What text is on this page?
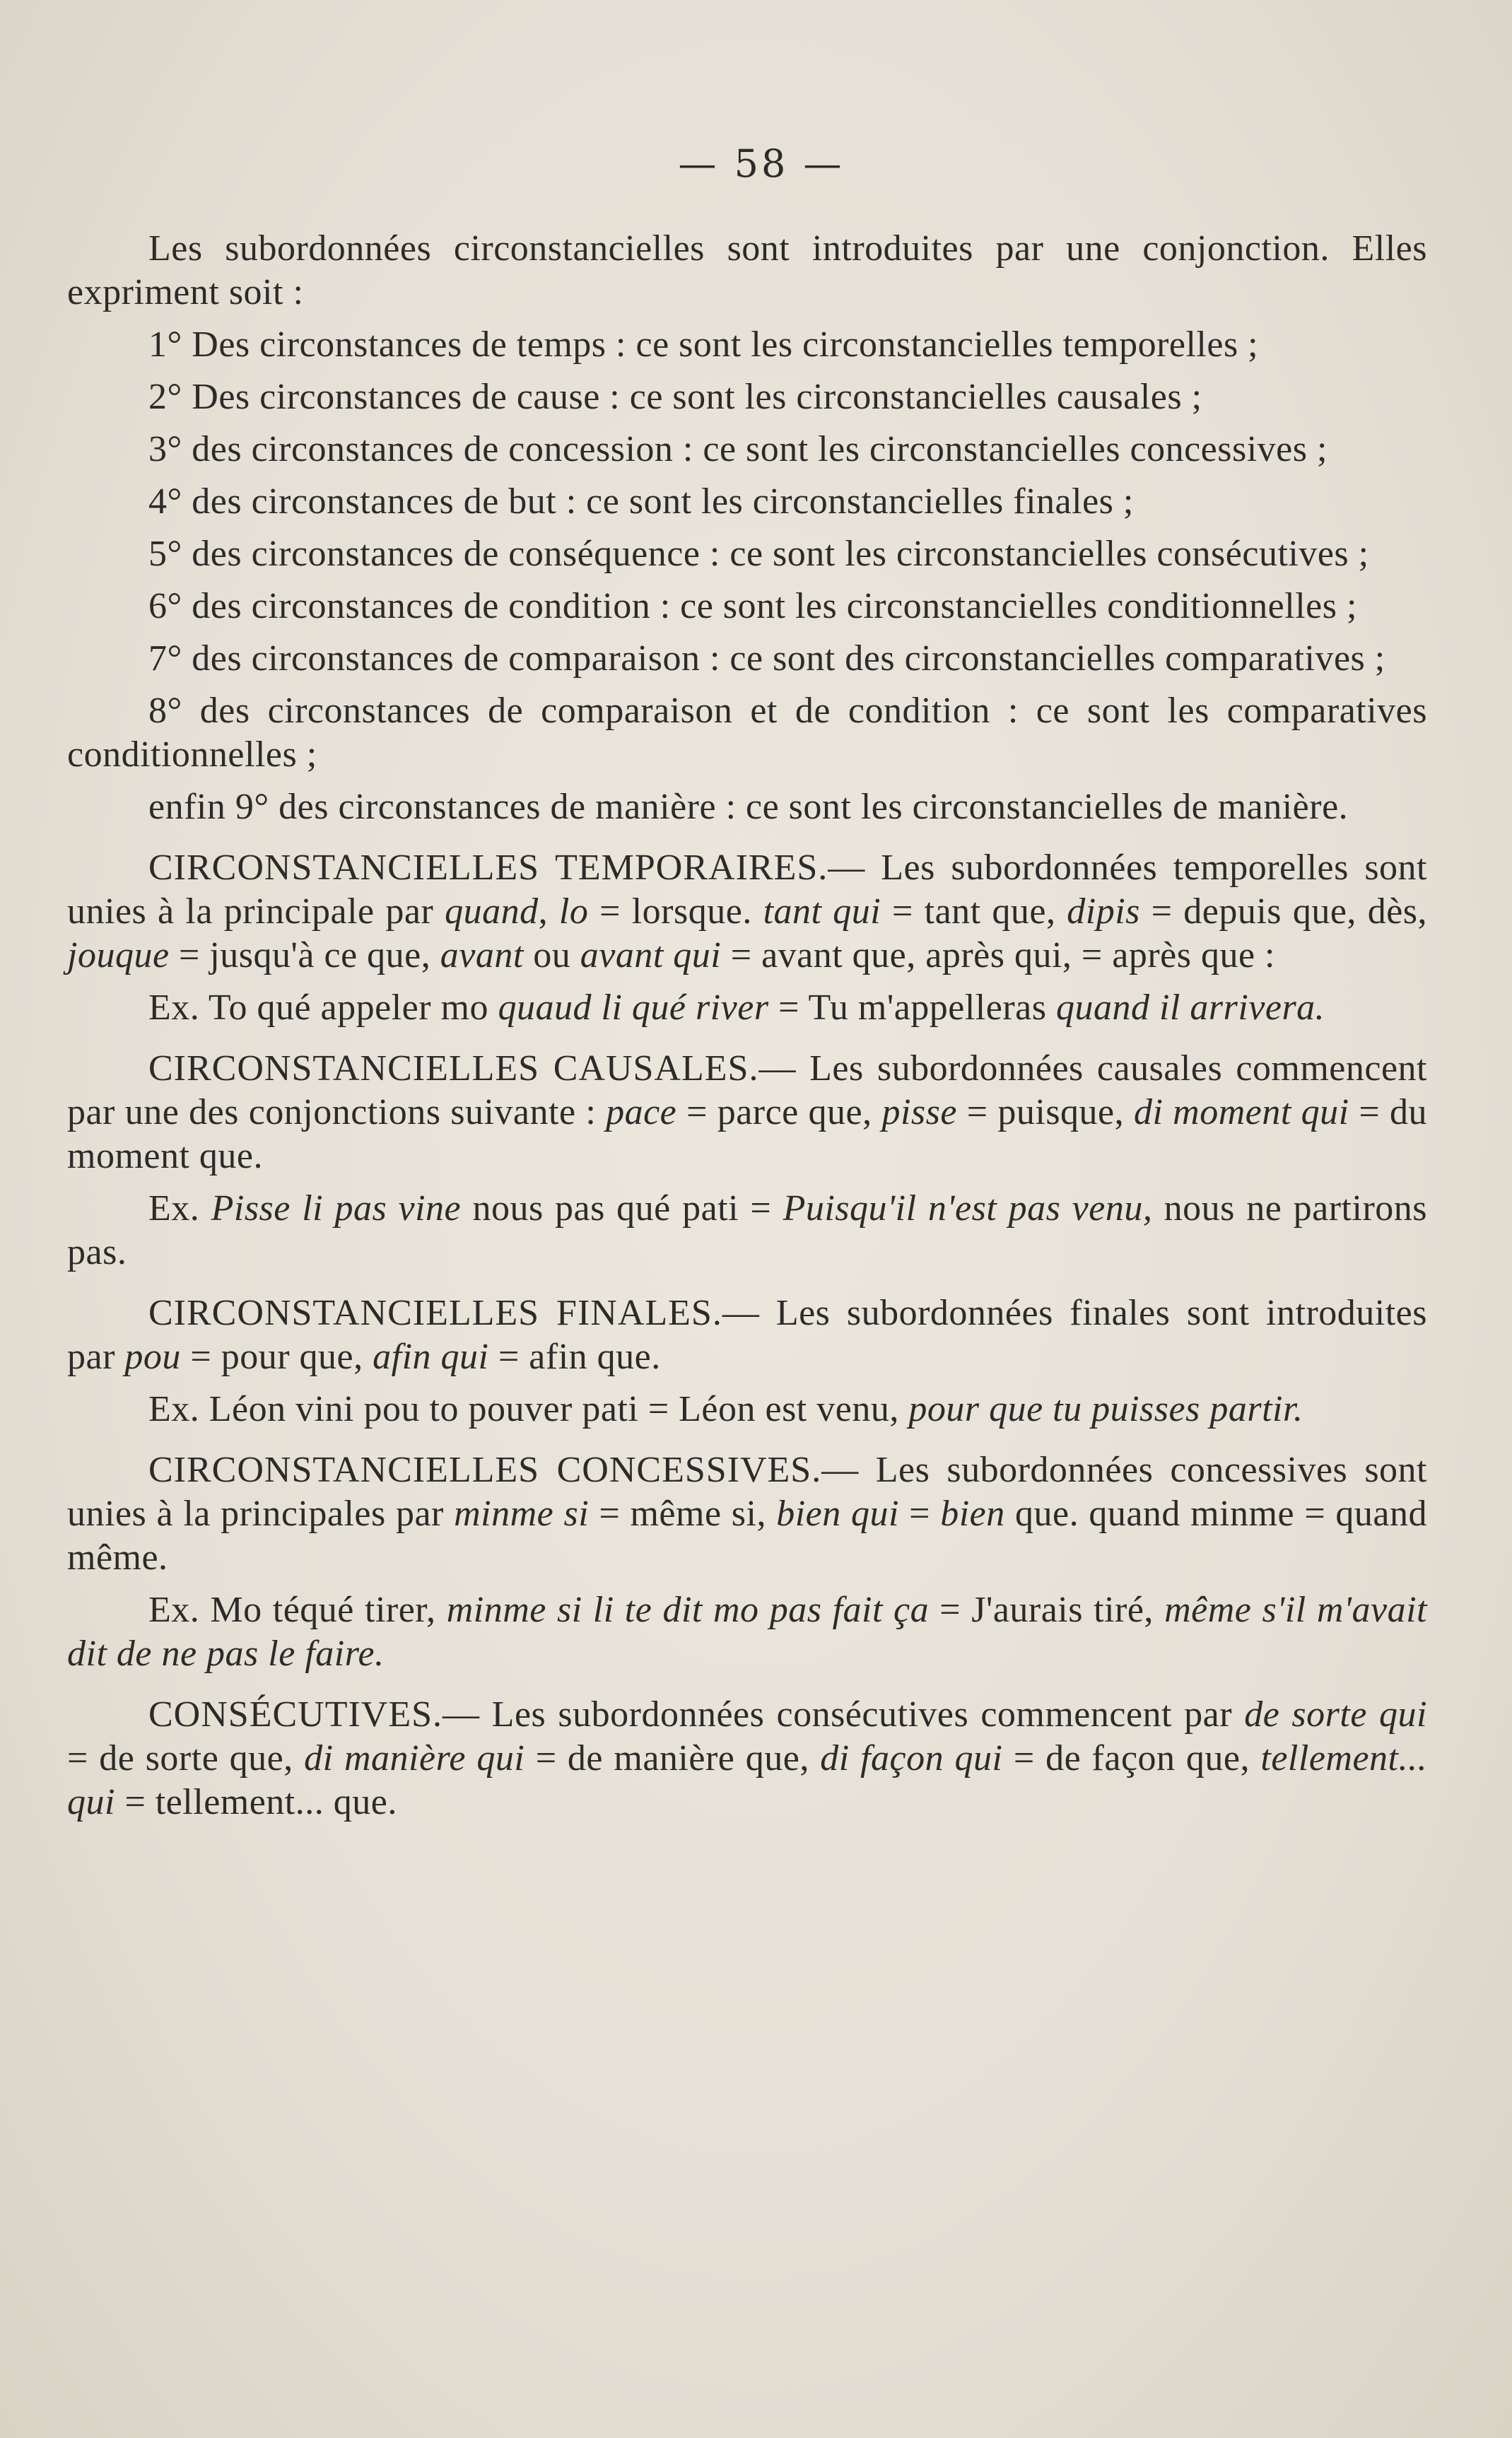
— 58 —

Les subordonnées circonstancielles sont introduites par une conjonction. Elles expriment soit :

1° Des circonstances de temps : ce sont les circonstancielles temporelles ;

2° Des circonstances de cause : ce sont les circonstancielles causales ;

3° des circonstances de concession : ce sont les circonstancielles concessives ;

4° des circonstances de but : ce sont les circonstancielles finales ;

5° des circonstances de conséquence : ce sont les circonstancielles consécutives ;

6° des circonstances de condition : ce sont les circonstancielles conditionnelles ;

7° des circonstances de comparaison : ce sont des circonstancielles comparatives ;

8° des circonstances de comparaison et de condition : ce sont les comparatives conditionnelles ;

enfin 9° des circonstances de manière : ce sont les circonstancielles de manière.

CIRCONSTANCIELLES TEMPORAIRES.— Les subordonnées temporelles sont unies à la principale par quand, lo = lorsque. tant qui = tant que, dipis = depuis que, dès, jouque = jusqu'à ce que, avant ou avant qui = avant que, après qui, = après que :

Ex. To qué appeler mo quaud li qué river = Tu m'appelleras quand il arrivera.

CIRCONSTANCIELLES CAUSALES.— Les subordonnées causales commencent par une des conjonctions suivante : pace = parce que, pisse = puisque, di moment qui = du moment que.

Ex. Pisse li pas vine nous pas qué pati = Puisqu'il n'est pas venu, nous ne partirons pas.

CIRCONSTANCIELLES FINALES.— Les subordonnées finales sont introduites par pou = pour que, afin qui = afin que.

Ex. Léon vini pou to pouver pati = Léon est venu, pour que tu puisses partir.

CIRCONSTANCIELLES CONCESSIVES.— Les subordonnées concessives sont unies à la principales par minme si = même si, bien qui = bien que. quand minme = quand même.

Ex. Mo téqué tirer, minme si li te dit mo pas fait ça = J'aurais tiré, même s'il m'avait dit de ne pas le faire.

CONSÉCUTIVES.— Les subordonnées consécutives commencent par de sorte qui = de sorte que, di manière qui = de manière que, di façon qui = de façon que, tellement... qui = tellement... que.
